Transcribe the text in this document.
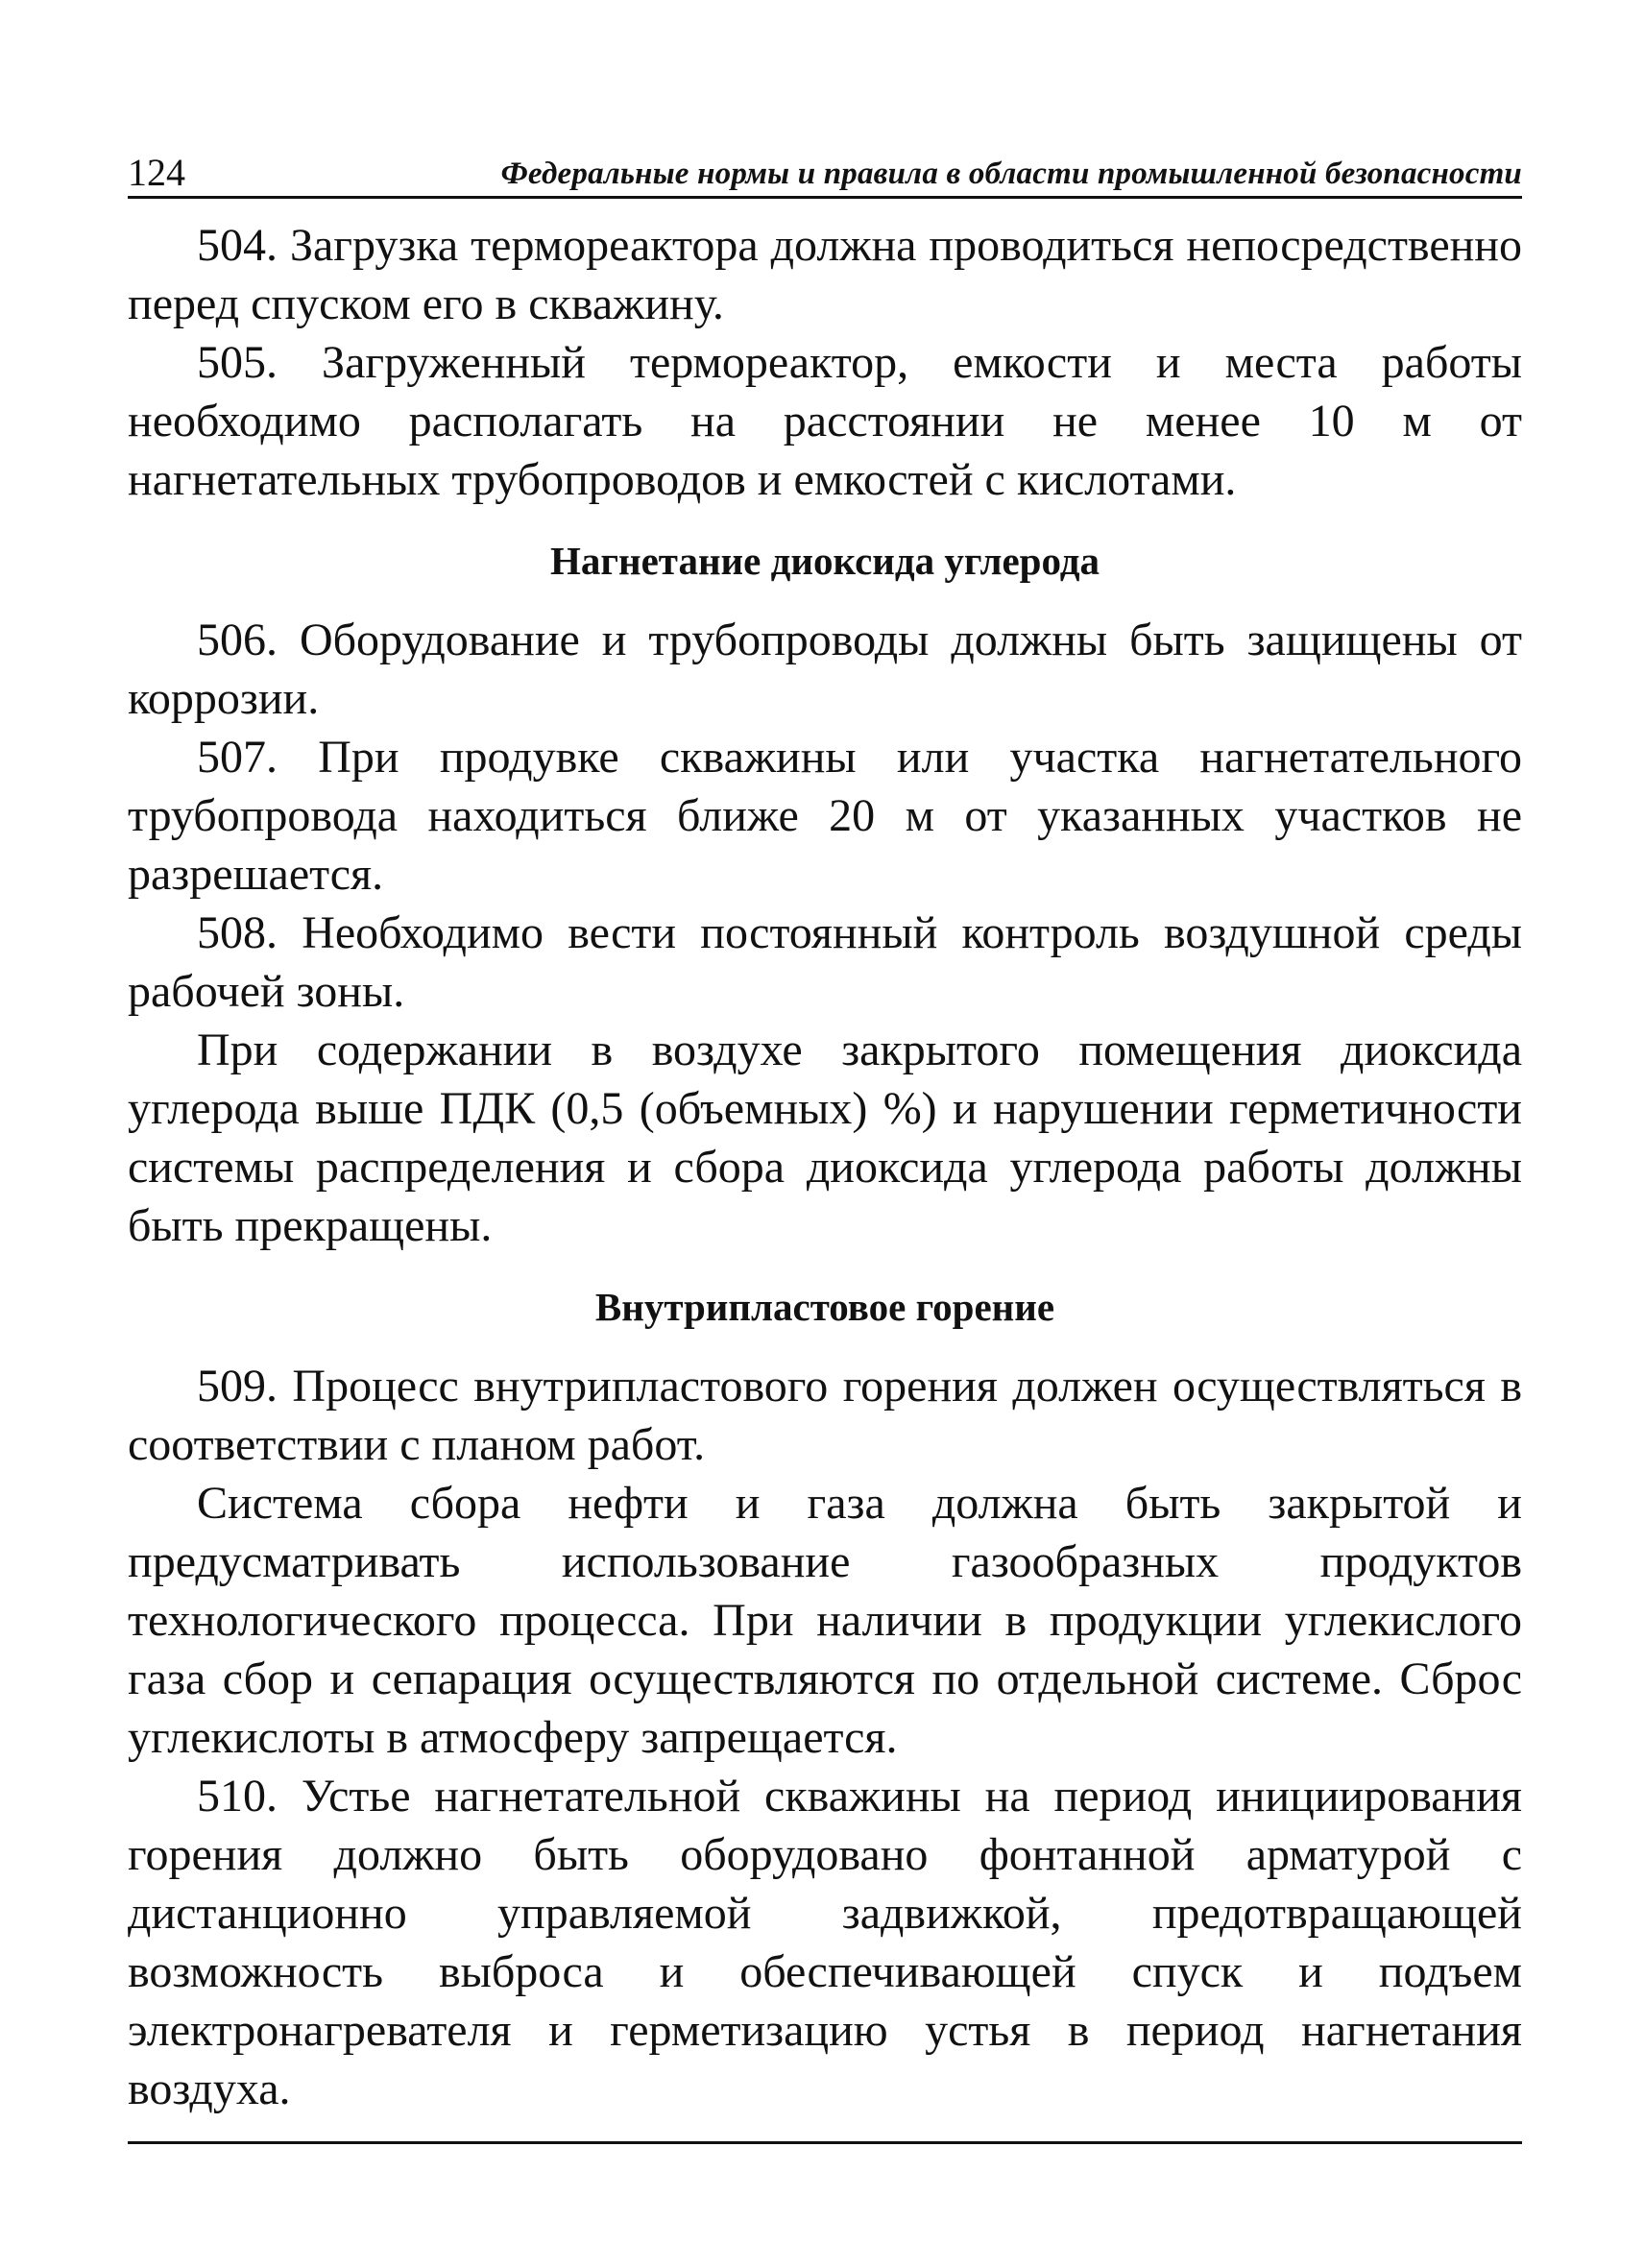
124	Федеральные нормы и правила в области промышленной безопасности

504. Загрузка термореактора должна проводиться непосредственно перед спуском его в скважину.

505. Загруженный термореактор, емкости и места работы необходимо располагать на расстоянии не менее 10 м от нагнетательных трубопроводов и емкостей с кислотами.

Нагнетание диоксида углерода

506. Оборудование и трубопроводы должны быть защищены от коррозии.

507. При продувке скважины или участка нагнетательного трубопровода находиться ближе 20 м от указанных участков не разрешается.

508. Необходимо вести постоянный контроль воздушной среды рабочей зоны.

При содержании в воздухе закрытого помещения диоксида углерода выше ПДК (0,5 (объемных) %) и нарушении герметичности системы распределения и сбора диоксида углерода работы должны быть прекращены.

Внутрипластовое горение

509. Процесс внутрипластового горения должен осуществляться в соответствии с планом работ.

Система сбора нефти и газа должна быть закрытой и предусматривать использование газообразных продуктов технологического процесса. При наличии в продукции углекислого газа сбор и сепарация осуществляются по отдельной системе. Сброс углекислоты в атмосферу запрещается.

510. Устье нагнетательной скважины на период инициирования горения должно быть оборудовано фонтанной арматурой с дистанционно управляемой задвижкой, предотвращающей возможность выброса и обеспечивающей спуск и подъем электронагревателя и герметизацию устья в период нагнетания воздуха.
